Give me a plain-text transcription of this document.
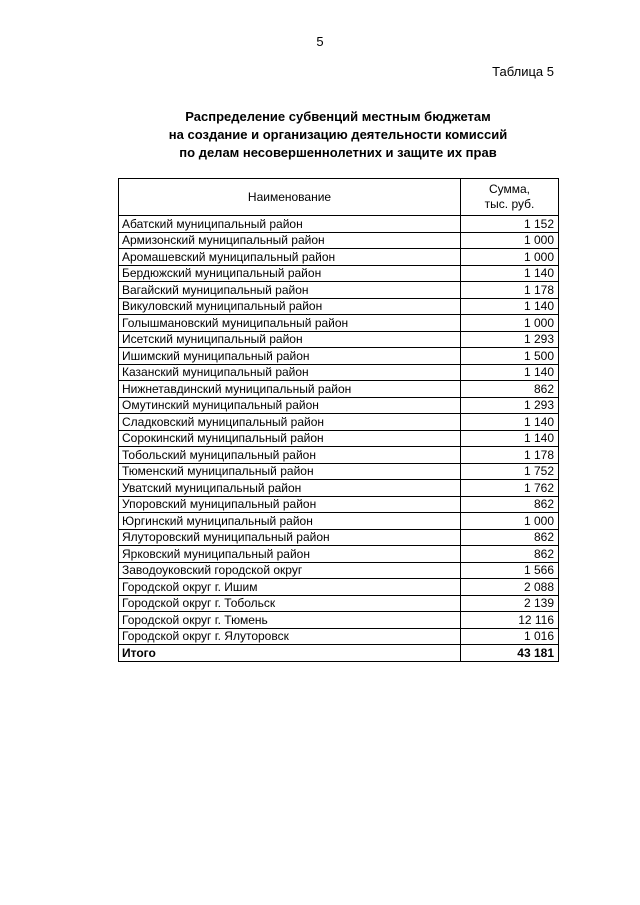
5
Таблица 5
Распределение субвенций местным бюджетам
на создание и организацию деятельности комиссий
по делам несовершеннолетних и защите их прав
Наименование	Сумма,
тыс. руб.
Абатский муниципальный район	1 152
Армизонский муниципальный район	1 000
Аромашевский муниципальный район	1 000
Бердюжский муниципальный район	1 140
Вагайский муниципальный район	1 178
Викуловский муниципальный район	1 140
Голышмановский муниципальный район	1 000
Исетский муниципальный район	1 293
Ишимский муниципальный район	1 500
Казанский муниципальный район	1 140
Нижнетавдинский муниципальный район	862
Омутинский муниципальный район	1 293
Сладковский муниципальный район	1 140
Сорокинский муниципальный район	1 140
Тобольский муниципальный район	1 178
Тюменский муниципальный район	1 752
Уватский муниципальный район	1 762
Упоровский муниципальный район	862
Юргинский муниципальный район	1 000
Ялуторовский муниципальный район	862
Ярковский муниципальный район	862
Заводоуковский городской округ	1 566
Городской округ г. Ишим	2 088
Городской округ г. Тобольск	2 139
Городской округ г. Тюмень	12 116
Городской округ г. Ялуторовск	1 016
Итого	43 181
